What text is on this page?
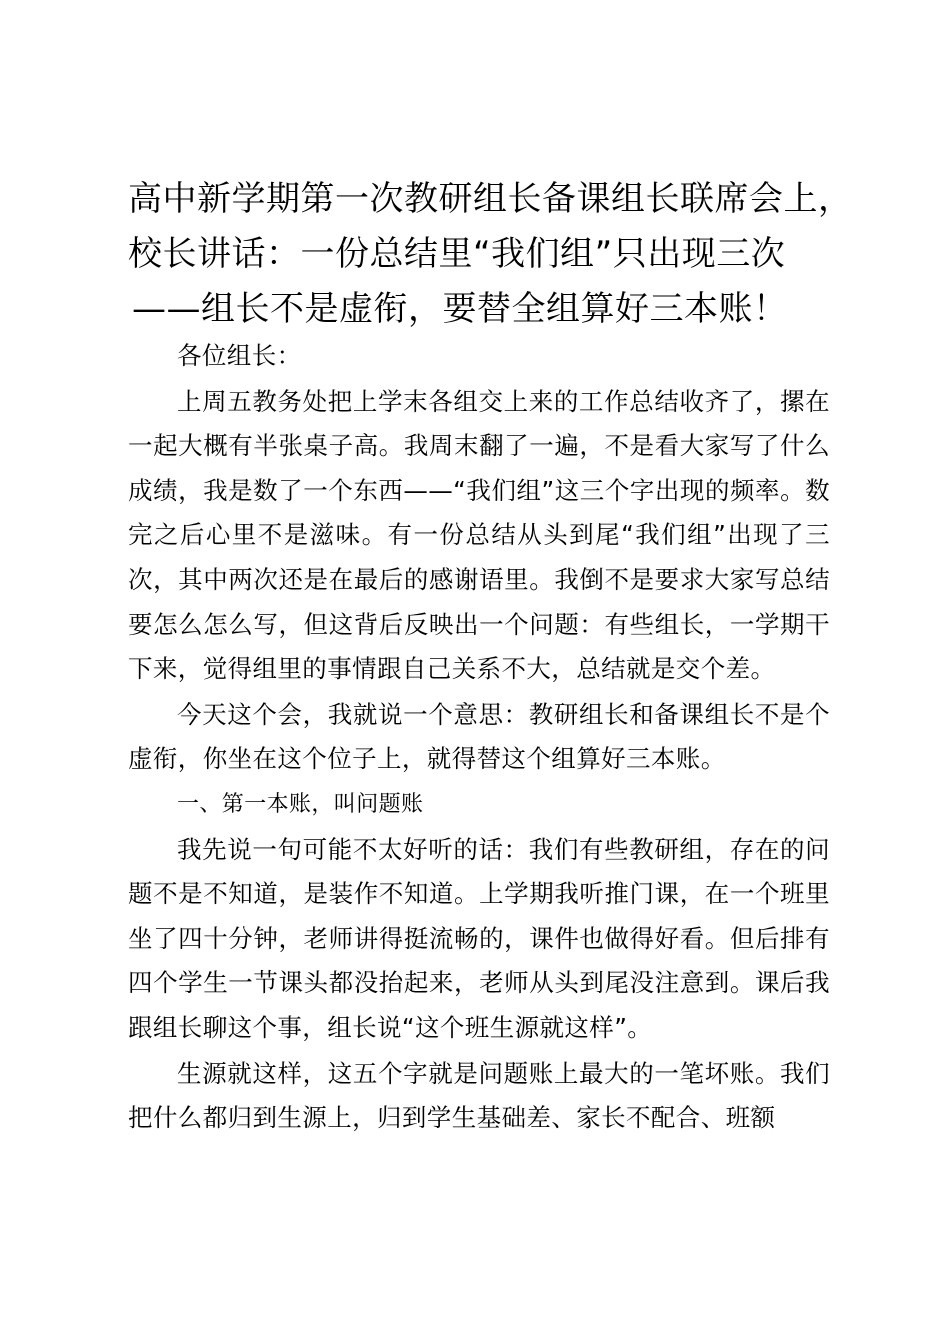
高中新学期第一次教研组长备课组长联席会上，
校长讲话：一份总结里“我们组”只出现三次
——组长不是虚衔，要替全组算好三本账！

各位组长：

上周五教务处把上学末各组交上来的工作总结收齐了，摞在一起大概有半张桌子高。我周末翻了一遍，不是看大家写了什么成绩，我是数了一个东西——“我们组”这三个字出现的频率。数完之后心里不是滋味。有一份总结从头到尾“我们组”出现了三次，其中两次还是在最后的感谢语里。我倒不是要求大家写总结要怎么怎么写，但这背后反映出一个问题：有些组长，一学期干下来，觉得组里的事情跟自己关系不大，总结就是交个差。

今天这个会，我就说一个意思：教研组长和备课组长不是个虚衔，你坐在这个位子上，就得替这个组算好三本账。

一、第一本账，叫问题账

我先说一句可能不太好听的话：我们有些教研组，存在的问题不是不知道，是装作不知道。上学期我听推门课，在一个班里坐了四十分钟，老师讲得挺流畅的，课件也做得好看。但后排有四个学生一节课头都没抬起来，老师从头到尾没注意到。课后我跟组长聊这个事，组长说“这个班生源就这样”。

生源就这样，这五个字就是问题账上最大的一笔坏账。我们把什么都归到生源上，归到学生基础差、家长不配合、班额
